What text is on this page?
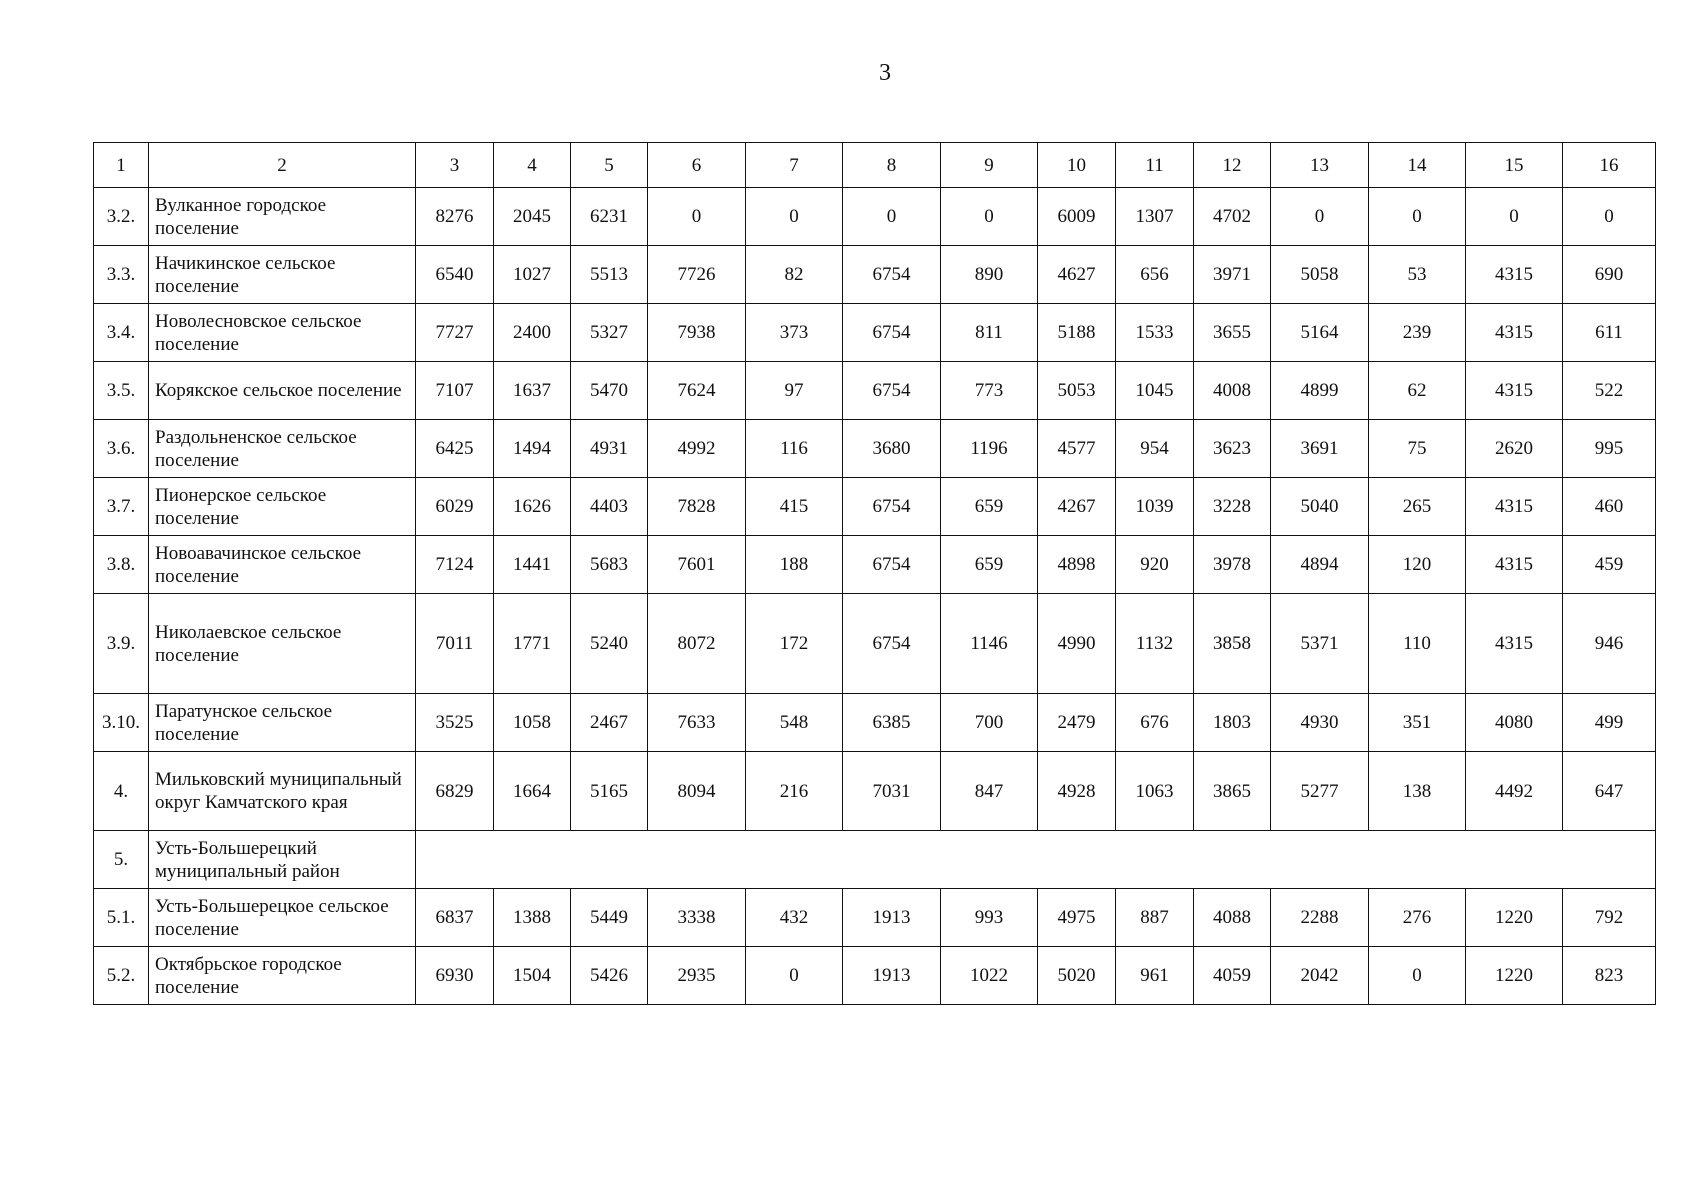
3
1	2	3	4	5	6	7	8	9	10	11	12	13	14	15	16
3.2.	Вулканное городское поселение	8276	2045	6231	0	0	0	0	6009	1307	4702	0	0	0	0
3.3.	Начикинское сельское поселение	6540	1027	5513	7726	82	6754	890	4627	656	3971	5058	53	4315	690
3.4.	Новолесновское сельское поселение	7727	2400	5327	7938	373	6754	811	5188	1533	3655	5164	239	4315	611
3.5.	Корякское сельское поселение	7107	1637	5470	7624	97	6754	773	5053	1045	4008	4899	62	4315	522
3.6.	Раздольненское сельское поселение	6425	1494	4931	4992	116	3680	1196	4577	954	3623	3691	75	2620	995
3.7.	Пионерское сельское поселение	6029	1626	4403	7828	415	6754	659	4267	1039	3228	5040	265	4315	460
3.8.	Новоавачинское сельское поселение	7124	1441	5683	7601	188	6754	659	4898	920	3978	4894	120	4315	459
3.9.	Николаевское сельское поселение	7011	1771	5240	8072	172	6754	1146	4990	1132	3858	5371	110	4315	946
3.10.	Паратунское сельское поселение	3525	1058	2467	7633	548	6385	700	2479	676	1803	4930	351	4080	499
4.	Мильковский муниципальный округ Камчатского края	6829	1664	5165	8094	216	7031	847	4928	1063	3865	5277	138	4492	647
5.	Усть-Большерецкий муниципальный район														
5.1.	Усть-Большерецкое сельское поселение	6837	1388	5449	3338	432	1913	993	4975	887	4088	2288	276	1220	792
5.2.	Октябрьское городское поселение	6930	1504	5426	2935	0	1913	1022	5020	961	4059	2042	0	1220	823
